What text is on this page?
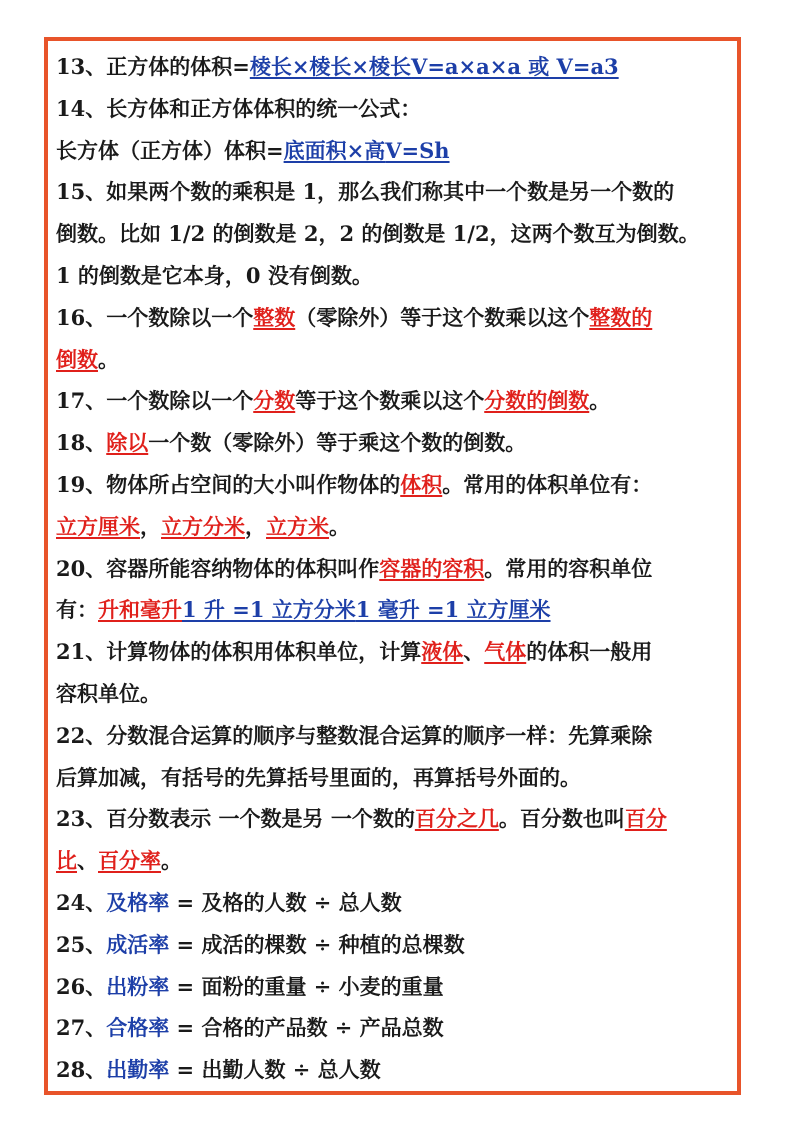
13、正方体的体积=棱长×棱长×棱长V=a×a×a 或 V=a3
14、长方体和正方体体积的统一公式：
长方体（正方体）体积=底面积×高V=Sh
15、如果两个数的乘积是 1，那么我们称其中一个数是另一个数的
倒数。比如 1/2 的倒数是 2，2 的倒数是 1/2，这两个数互为倒数。
1 的倒数是它本身，0 没有倒数。
16、一个数除以一个整数（零除外）等于这个数乘以这个整数的
倒数。
17、一个数除以一个分数等于这个数乘以这个分数的倒数。
18、除以一个数（零除外）等于乘这个数的倒数。
19、物体所占空间的大小叫作物体的体积。常用的体积单位有：
立方厘米，立方分米，立方米。
20、容器所能容纳物体的体积叫作容器的容积。常用的容积单位
有：升和毫升1 升 =1 立方分米1 毫升 =1 立方厘米
21、计算物体的体积用体积单位，计算液体、气体的体积一般用
容积单位。
22、分数混合运算的顺序与整数混合运算的顺序一样：先算乘除
后算加减，有括号的先算括号里面的，再算括号外面的。
23、百分数表示 一个数是另 一个数的百分之几。百分数也叫百分
比、百分率。
24、及格率 = 及格的人数 ÷ 总人数
25、成活率 = 成活的棵数 ÷ 种植的总棵数
26、出粉率 = 面粉的重量 ÷ 小麦的重量
27、合格率 = 合格的产品数 ÷ 产品总数
28、出勤率 = 出勤人数 ÷ 总人数
